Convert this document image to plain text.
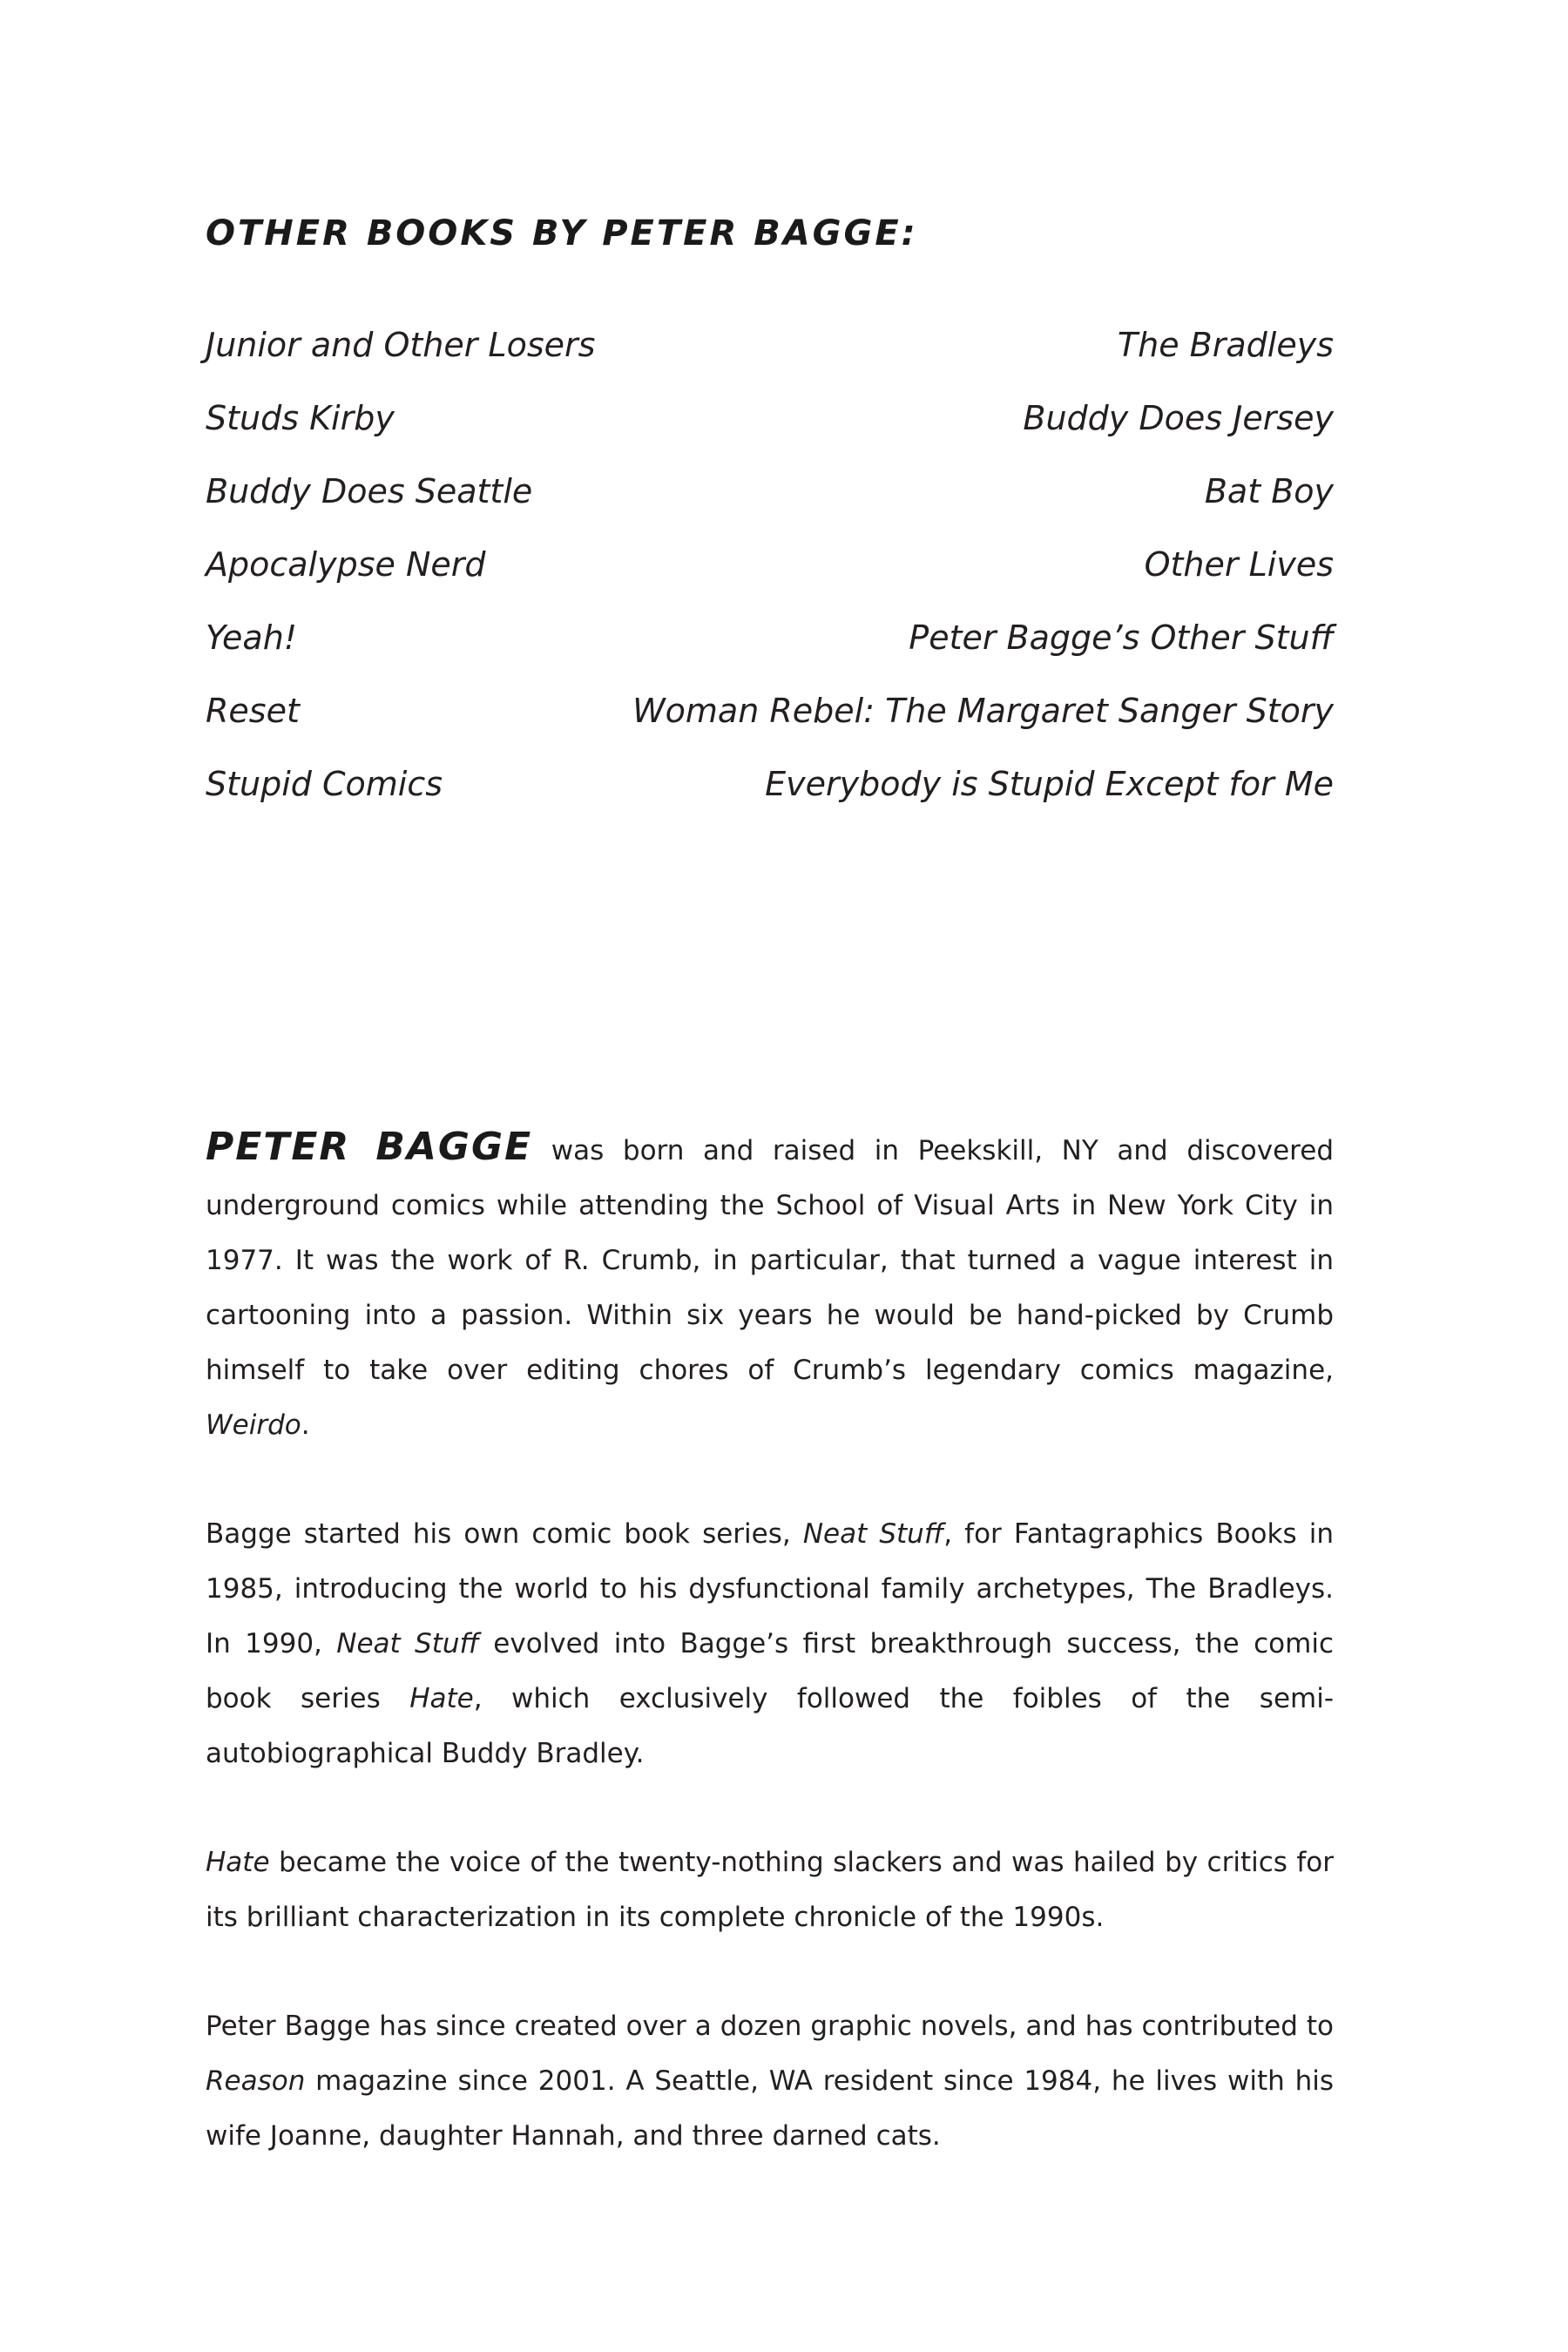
OTHER BOOKS BY PETER BAGGE:
Junior and Other Losers	The Bradleys
Studs Kirby	Buddy Does Jersey
Buddy Does Seattle	Bat Boy
Apocalypse Nerd	Other Lives
Yeah!	Peter Bagge’s Other Stuff
Reset	Woman Rebel: The Margaret Sanger Story
Stupid Comics	Everybody is Stupid Except for Me

PETER BAGGE was born and raised in Peekskill, NY and discovered underground comics while attending the School of Visual Arts in New York City in 1977. It was the work of R. Crumb, in particular, that turned a vague interest in cartooning into a passion. Within six years he would be hand-picked by Crumb himself to take over editing chores of Crumb’s legendary comics magazine, Weirdo.

Bagge started his own comic book series, Neat Stuff, for Fantagraphics Books in 1985, introducing the world to his dysfunctional family archetypes, The Bradleys. In 1990, Neat Stuff evolved into Bagge’s first breakthrough success, the comic book series Hate, which exclusively followed the foibles of the semi-autobiographical Buddy Bradley.

Hate became the voice of the twenty-nothing slackers and was hailed by critics for its brilliant characterization in its complete chronicle of the 1990s.

Peter Bagge has since created over a dozen graphic novels, and has contributed to Reason magazine since 2001. A Seattle, WA resident since 1984, he lives with his wife Joanne, daughter Hannah, and three darned cats.
